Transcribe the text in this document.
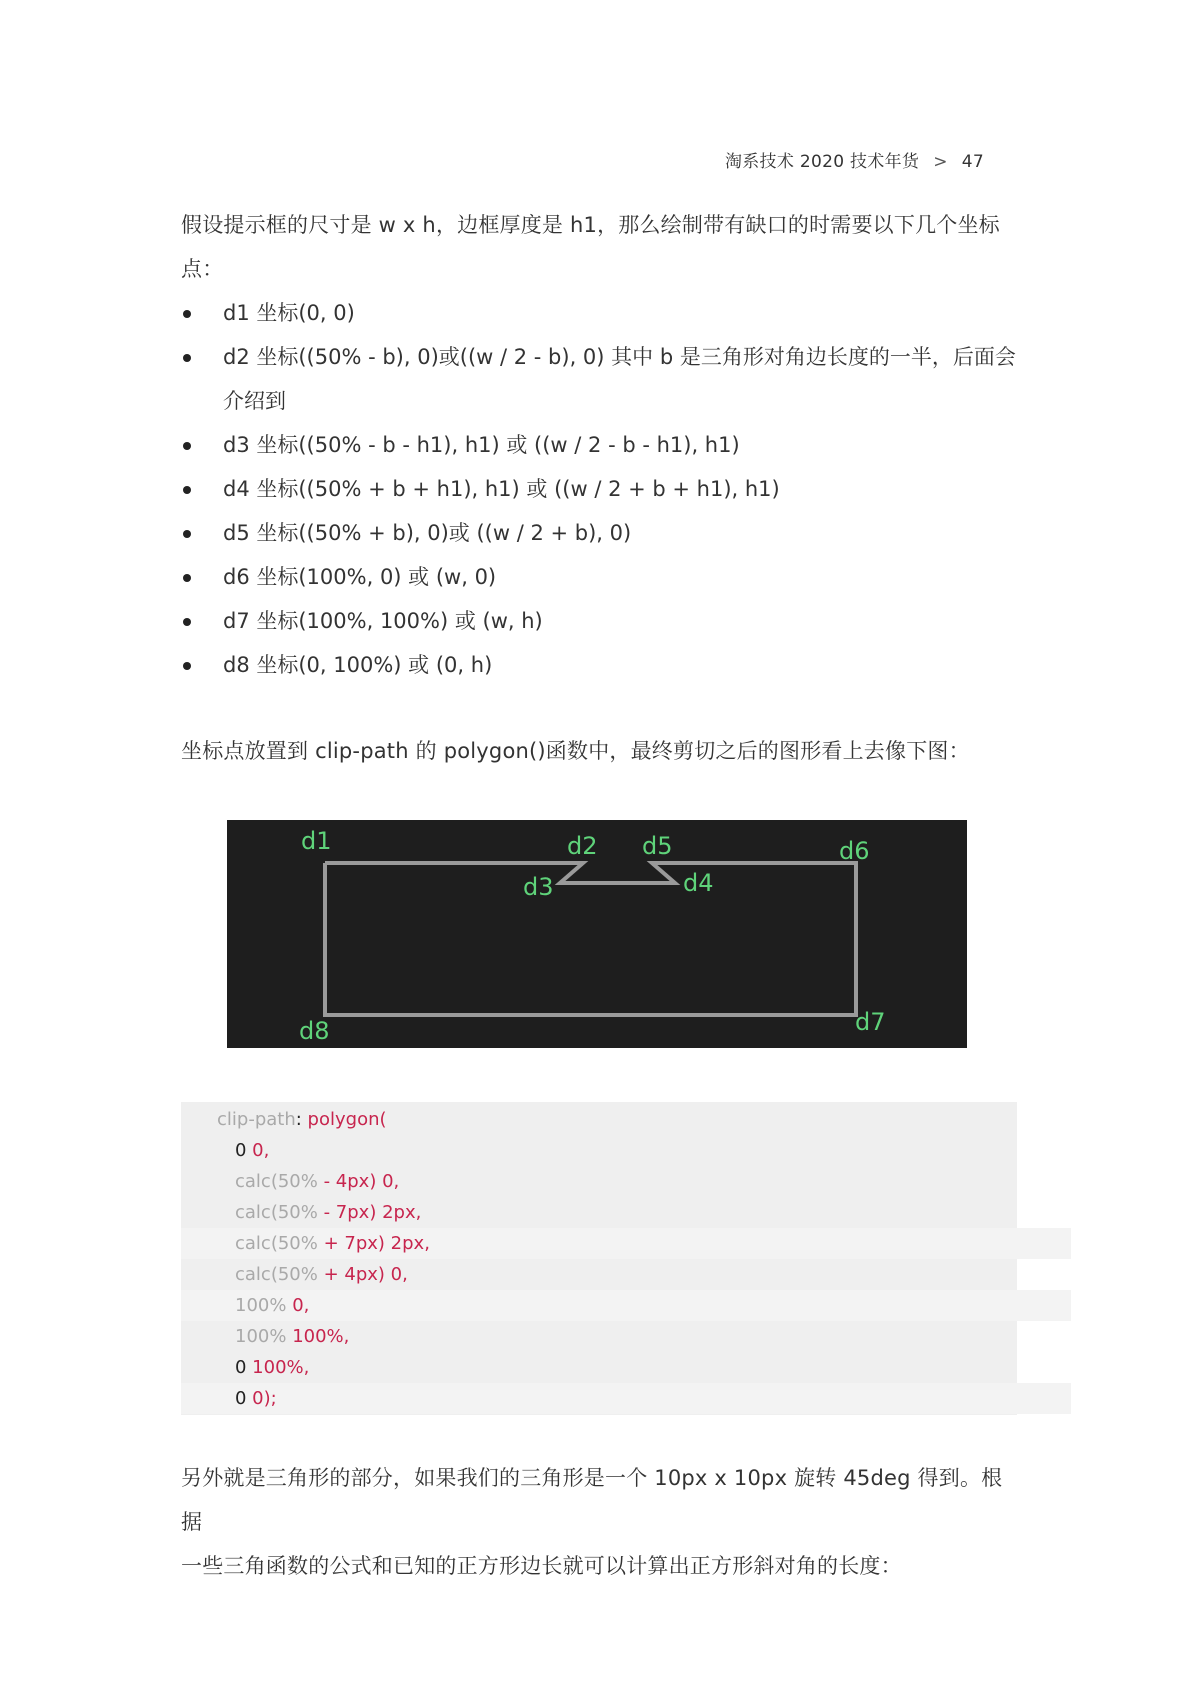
淘系技术 2020 技术年货 > 47
假设提示框的尺寸是 w x h，边框厚度是 h1，那么绘制带有缺口的时需要以下几个坐标点：
d1 坐标(0, 0)
d2 坐标((50% - b), 0)或((w / 2 - b), 0) 其中 b 是三角形对角边长度的一半，后面会介绍到
d3 坐标((50% - b - h1), h1) 或 ((w / 2 - b - h1), h1)
d4 坐标((50% + b + h1), h1) 或 ((w / 2 + b + h1), h1)
d5 坐标((50% + b), 0)或 ((w / 2 + b), 0)
d6 坐标(100%, 0) 或 (w, 0)
d7 坐标(100%, 100%) 或 (w, h)
d8 坐标(0, 100%) 或 (0, h)
坐标点放置到 clip-path 的 polygon()函数中，最终剪切之后的图形看上去像下图：
d1	d2
d3	d4
d5	d6
d7
d8
clip-path: polygon(
0 0,
calc(50% - 4px) 0,
calc(50% - 7px) 2px,
calc(50% + 7px) 2px,
calc(50% + 4px) 0,
100% 0,
100% 100%,
0 100%,
0 0);
另外就是三角形的部分，如果我们的三角形是一个 10px x 10px 旋转 45deg 得到。根据
一些三角函数的公式和已知的正方形边长就可以计算出正方形斜对角的长度：
